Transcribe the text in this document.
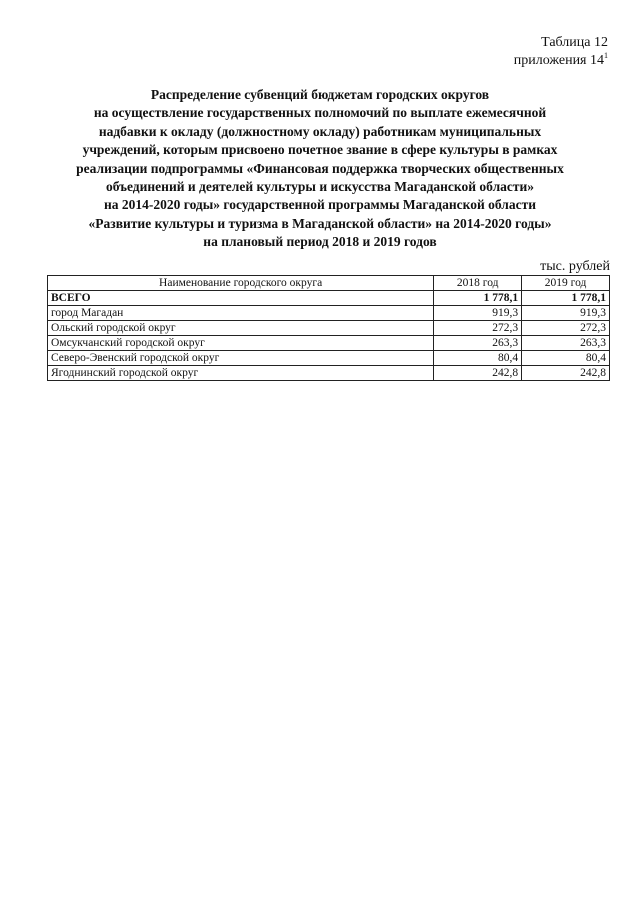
Таблица 12
приложения $14^1$
Распределение субвенций бюджетам городских округов
на осуществление государственных полномочий по выплате ежемесячной
надбавки к окладу (должностному окладу) работникам муниципальных
учреждений, которым присвоено почетное звание в сфере культуры в рамках
реализации подпрограммы «Финансовая поддержка творческих общественных
объединений и деятелей культуры и искусства Магаданской области»
на 2014-2020 годы» государственной программы Магаданской области
«Развитие культуры и туризма в Магаданской области» на 2014-2020 годы»
на плановый период 2018 и 2019 годов
тыс. рублей
Наименование городского округа	2018 год	2019 год
ВСЕГО	1 778,1	1 778,1
город Магадан	919,3	919,3
Ольский городской округ	272,3	272,3
Омсукчанский городской округ	263,3	263,3
Северо-Эвенский городской округ	80,4	80,4
Ягоднинский городской округ	242,8	242,8
